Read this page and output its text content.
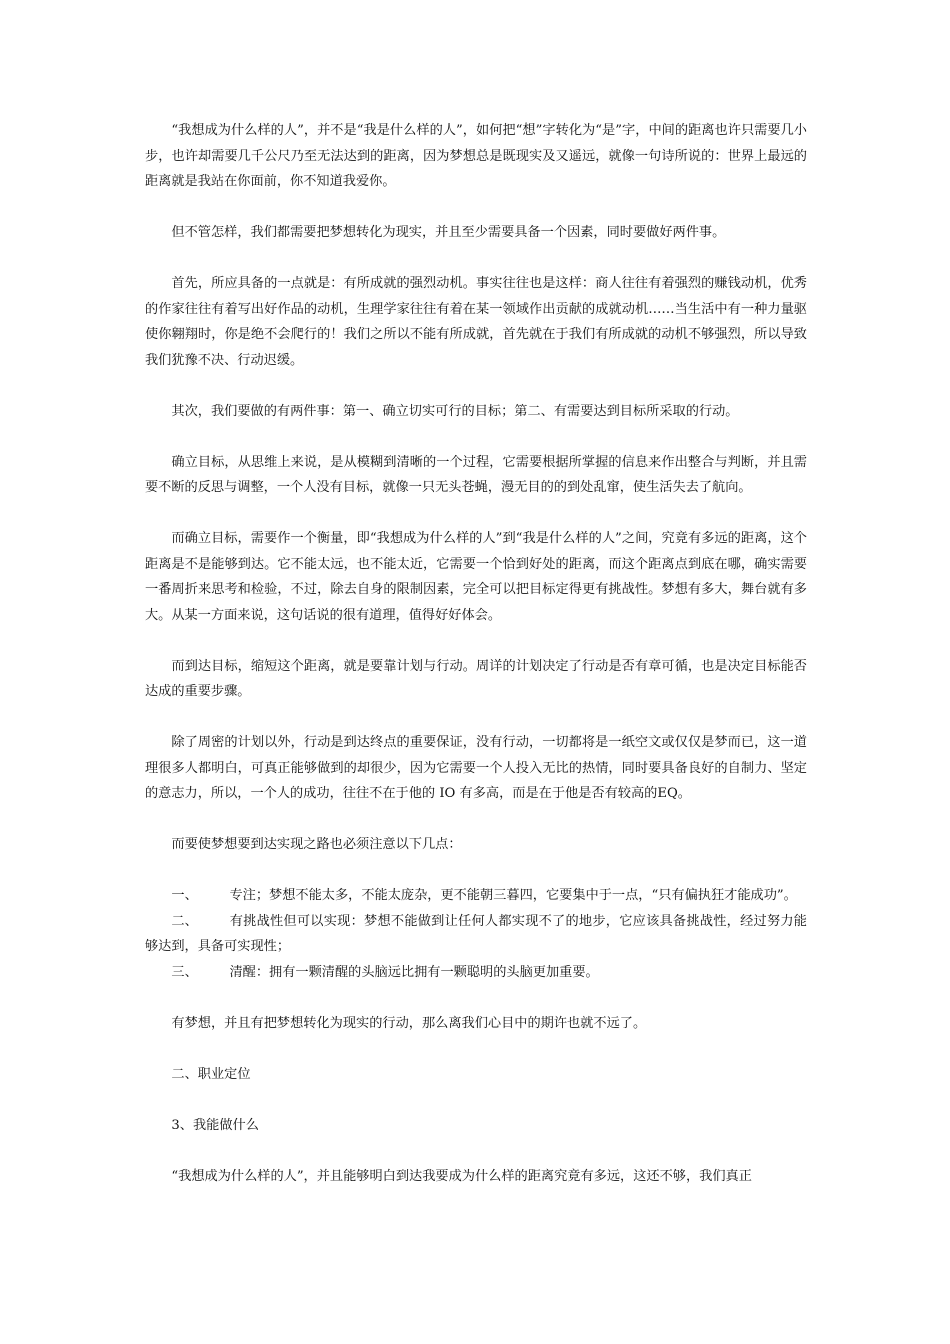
“我想成为什么样的人”，并不是“我是什么样的人”，如何把“想”字转化为“是”字，中间的距离也许只需要几小步，也许却需要几千公尺乃至无法达到的距离，因为梦想总是既现实及又遥远，就像一句诗所说的：世界上最远的距离就是我站在你面前，你不知道我爱你。

但不管怎样，我们都需要把梦想转化为现实，并且至少需要具备一个因素，同时要做好两件事。

首先，所应具备的一点就是：有所成就的强烈动机。事实往往也是这样：商人往往有着强烈的赚钱动机，优秀的作家往往有着写出好作品的动机，生理学家往往有着在某一领域作出贡献的成就动机……当生活中有一种力量驱使你翱翔时，你是绝不会爬行的！我们之所以不能有所成就，首先就在于我们有所成就的动机不够强烈，所以导致我们犹豫不决、行动迟缓。

其次，我们要做的有两件事：第一、确立切实可行的目标；第二、有需要达到目标所采取的行动。

确立目标，从思维上来说，是从模糊到清晰的一个过程，它需要根据所掌握的信息来作出整合与判断，并且需要不断的反思与调整，一个人没有目标，就像一只无头苍蝇，漫无目的的到处乱窜，使生活失去了航向。

而确立目标，需要作一个衡量，即“我想成为什么样的人”到“我是什么样的人”之间，究竟有多远的距离，这个距离是不是能够到达。它不能太远，也不能太近，它需要一个恰到好处的距离，而这个距离点到底在哪，确实需要一番周折来思考和检验，不过，除去自身的限制因素，完全可以把目标定得更有挑战性。梦想有多大，舞台就有多大。从某一方面来说，这句话说的很有道理，值得好好体会。

而到达目标，缩短这个距离，就是要靠计划与行动。周详的计划决定了行动是否有章可循，也是决定目标能否达成的重要步骤。

除了周密的计划以外，行动是到达终点的重要保证，没有行动，一切都将是一纸空文或仅仅是梦而已，这一道理很多人都明白，可真正能够做到的却很少，因为它需要一个人投入无比的热情，同时要具备良好的自制力、坚定的意志力，所以，一个人的成功，往往不在于他的 IO 有多高，而是在于他是否有较高的EQ。

而要使梦想要到达实现之路也必须注意以下几点：

一、 专注；梦想不能太多，不能太庞杂，更不能朝三暮四，它要集中于一点，“只有偏执狂才能成功”。

二、 有挑战性但可以实现：梦想不能做到让任何人都实现不了的地步，它应该具备挑战性，经过努力能够达到，具备可实现性；

三、 清醒：拥有一颗清醒的头脑远比拥有一颗聪明的头脑更加重要。

有梦想，并且有把梦想转化为现实的行动，那么离我们心目中的期许也就不远了。

二、职业定位

3、我能做什么

“我想成为什么样的人”，并且能够明白到达我要成为什么样的距离究竟有多远，这还不够，我们真正
